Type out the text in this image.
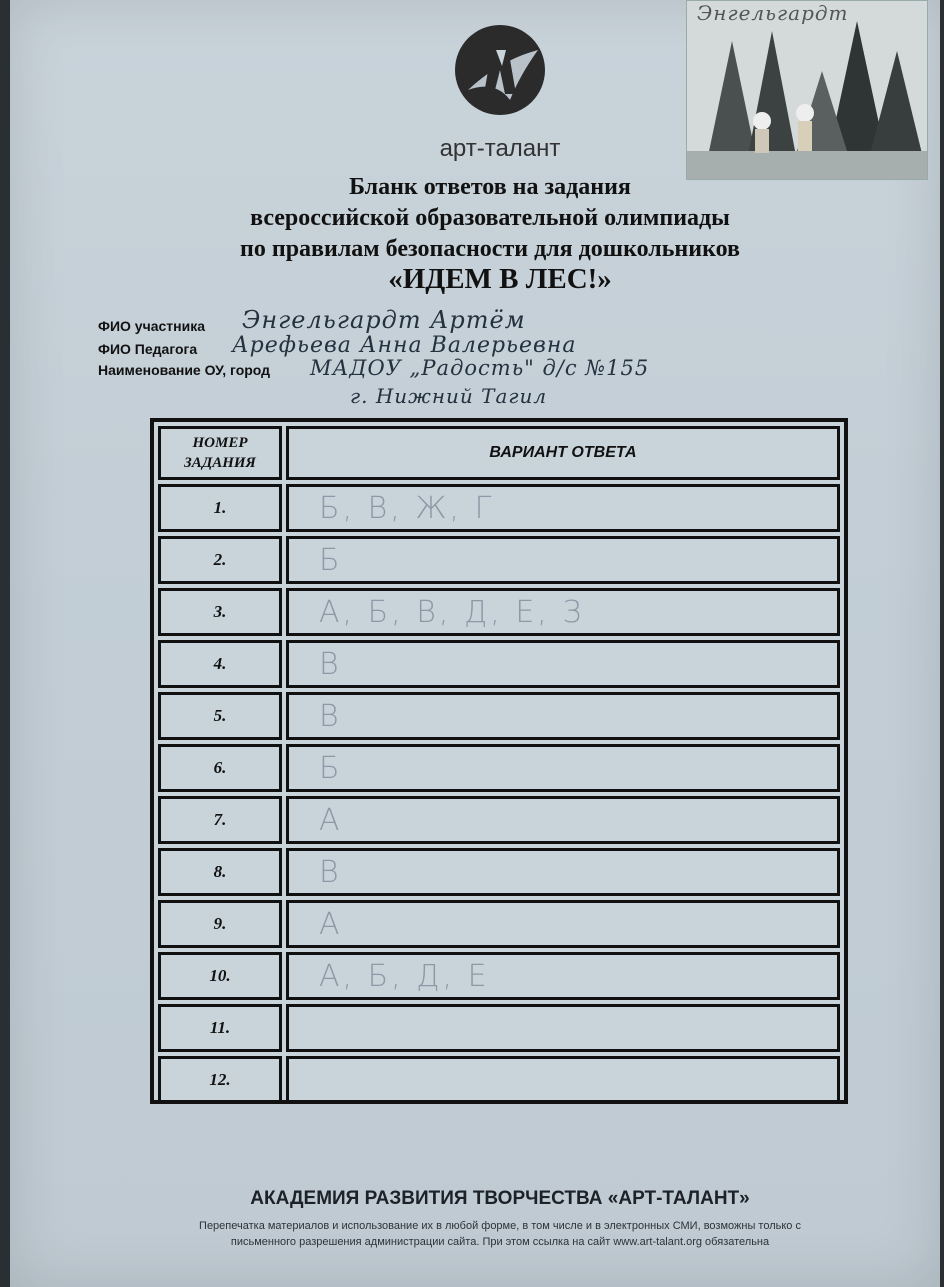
арт-талант
Энгельгардт
Бланк ответов на задания
всероссийской образовательной олимпиады
по правилам безопасности для дошкольников
«ИДЕМ В ЛЕС!»
ФИО участника Энгельгардт Артём
ФИО Педагога Арефьева Анна Валерьевна
Наименование ОУ, город МАДОУ „Радость" д/с №155
г. Нижний Тагил
НОМЕР ЗАДАНИЯ
ВАРИАНТ ОТВЕТА
1.	Б, В, Ж, Г
2.	Б
3.	А, Б, В, Д, Е, З
4.	В
5.	В
6.	Б
7.	А
8.	В
9.	А
10.	А, Б, Д, Е
11.
12.
АКАДЕМИЯ РАЗВИТИЯ ТВОРЧЕСТВА «АРТ-ТАЛАНТ»
Перепечатка материалов и использование их в любой форме, в том числе и в электронных СМИ, возможны только с
письменного разрешения администрации сайта. При этом ссылка на сайт www.art-talant.org обязательна
